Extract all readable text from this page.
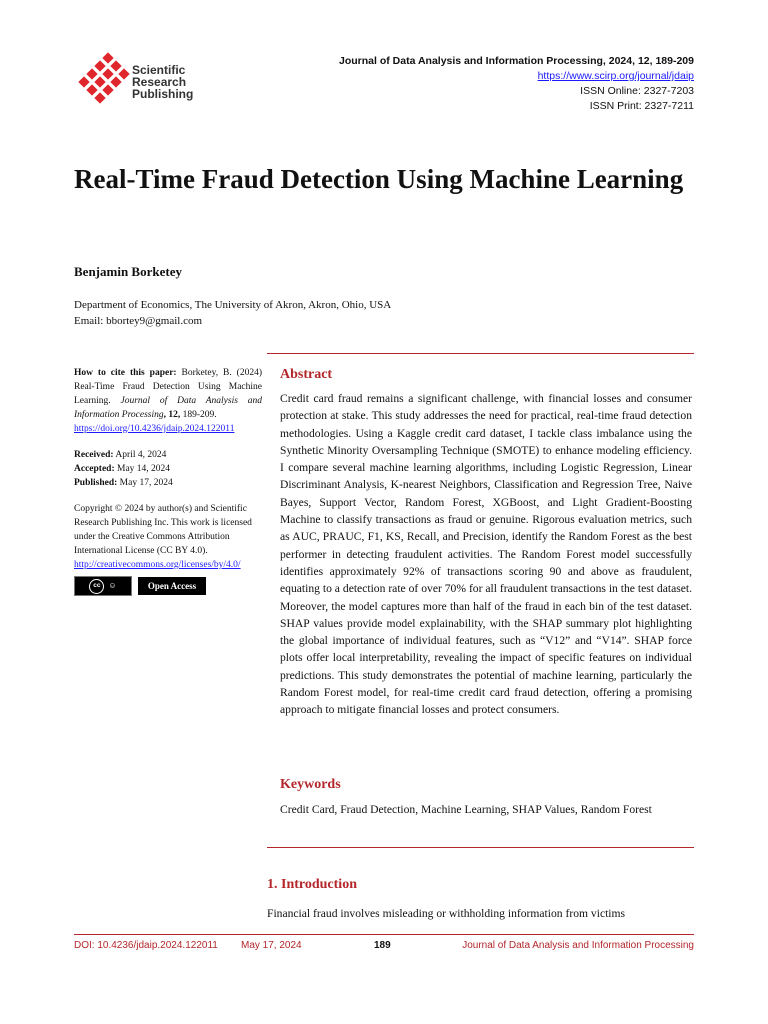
Scientific
Research
Publishing
Journal of Data Analysis and Information Processing, 2024, 12, 189-209
https://www.scirp.org/journal/jdaip
ISSN Online: 2327-7203
ISSN Print: 2327-7211
Real-Time Fraud Detection Using Machine Learning
Benjamin Borketey
Department of Economics, The University of Akron, Akron, Ohio, USA
Email: bbortey9@gmail.com

How to cite this paper: Borketey, B. (2024) Real-Time Fraud Detection Using Machine Learning. Journal of Data Analysis and Information Processing, 12, 189-209.
https://doi.org/10.4236/jdaip.2024.122011

Received: April 4, 2024
Accepted: May 14, 2024
Published: May 17, 2024

Copyright © 2024 by author(s) and Scientific Research Publishing Inc. This work is licensed under the Creative Commons Attribution International License (CC BY 4.0).
http://creativecommons.org/licenses/by/4.0/

cc ☺	Open Access
Abstract

Credit card fraud remains a significant challenge, with financial losses and consumer protection at stake. This study addresses the need for practical, real-time fraud detection methodologies. Using a Kaggle credit card dataset, I tackle class imbalance using the Synthetic Minority Oversampling Technique (SMOTE) to enhance modeling efficiency. I compare several machine learning algorithms, including Logistic Regression, Linear Discriminant Analysis, K-nearest Neighbors, Classification and Regression Tree, Naive Bayes, Support Vector, Random Forest, XGBoost, and Light Gradient-Boosting Machine to classify transactions as fraud or genuine. Rigorous evaluation metrics, such as AUC, PRAUC, F1, KS, Recall, and Precision, identify the Random Forest as the best performer in detecting fraudulent activities. The Random Forest model successfully identifies approximately 92% of transactions scoring 90 and above as fraudulent, equating to a detection rate of over 70% for all fraudulent transactions in the test dataset. Moreover, the model captures more than half of the fraud in each bin of the test dataset. SHAP values provide model explainability, with the SHAP summary plot highlighting the global importance of individual features, such as “V12” and “V14”. SHAP force plots offer local interpretability, revealing the impact of specific features on individual predictions. This study demonstrates the potential of machine learning, particularly the Random Forest model, for real-time credit card fraud detection, offering a promising approach to mitigate financial losses and protect consumers.

Keywords

Credit Card, Fraud Detection, Machine Learning, SHAP Values, Random Forest

1. Introduction

Financial fraud involves misleading or withholding information from victims

DOI: 10.4236/jdaip.2024.122011 May 17, 2024	189	Journal of Data Analysis and Information Processing
